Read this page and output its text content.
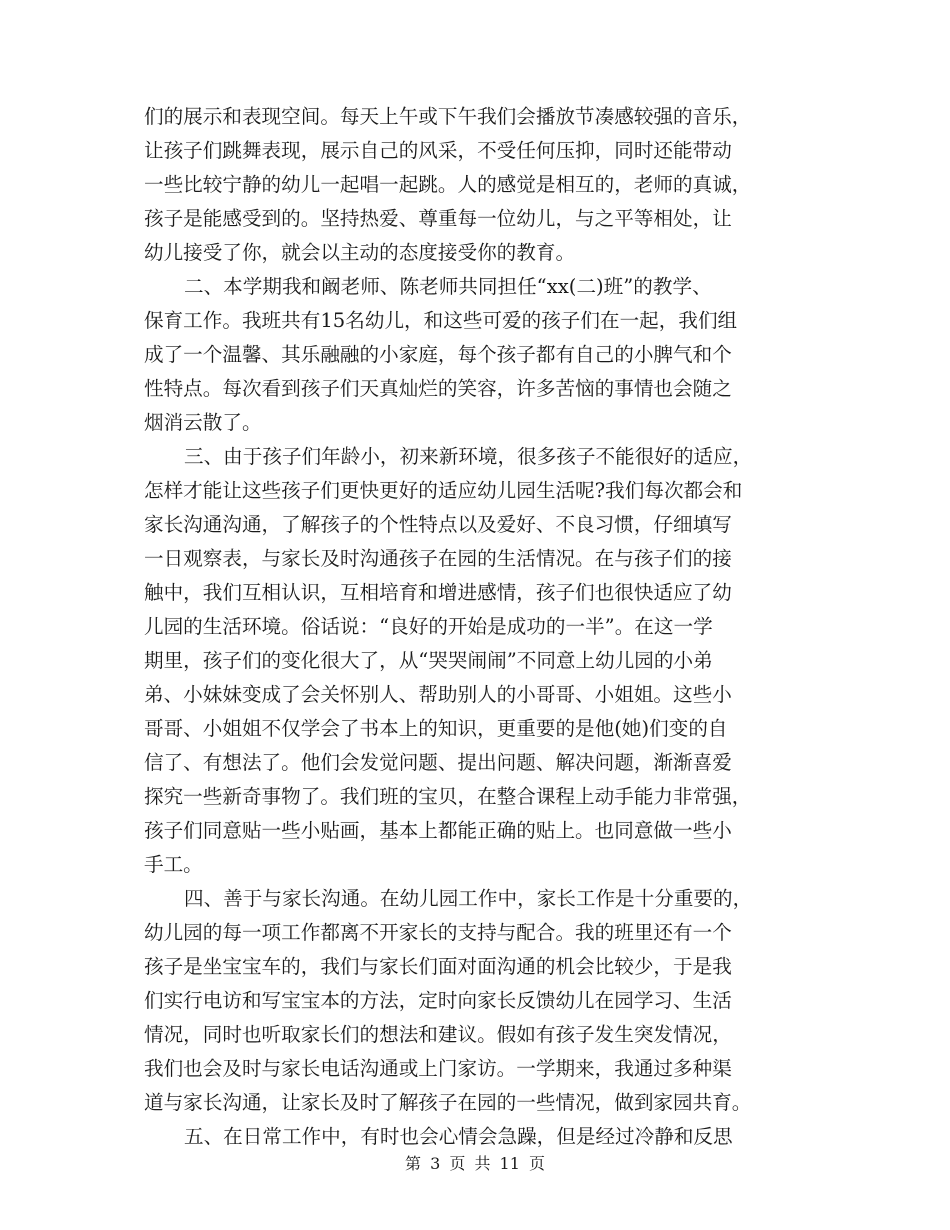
们的展示和表现空间。每天上午或下午我们会播放节凑感较强的音乐，
让孩子们跳舞表现，展示自己的风采，不受任何压抑，同时还能带动
一些比较宁静的幼儿一起唱一起跳。人的感觉是相互的，老师的真诚，
孩子是能感受到的。坚持热爱、尊重每一位幼儿，与之平等相处，让
幼儿接受了你，就会以主动的态度接受你的教育。
二、本学期我和阚老师、陈老师共同担任“xx(二)班”的教学、
保育工作。我班共有15名幼儿，和这些可爱的孩子们在一起，我们组
成了一个温馨、其乐融融的小家庭，每个孩子都有自己的小脾气和个
性特点。每次看到孩子们天真灿烂的笑容，许多苦恼的事情也会随之
烟消云散了。
三、由于孩子们年龄小，初来新环境，很多孩子不能很好的适应，
怎样才能让这些孩子们更快更好的适应幼儿园生活呢?我们每次都会和
家长沟通沟通，了解孩子的个性特点以及爱好、不良习惯，仔细填写
一日观察表，与家长及时沟通孩子在园的生活情况。在与孩子们的接
触中，我们互相认识，互相培育和增进感情，孩子们也很快适应了幼
儿园的生活环境。俗话说：“良好的开始是成功的一半”。在这一学
期里，孩子们的变化很大了，从“哭哭闹闹”不同意上幼儿园的小弟
弟、小妹妹变成了会关怀别人、帮助别人的小哥哥、小姐姐。这些小
哥哥、小姐姐不仅学会了书本上的知识，更重要的是他(她)们变的自
信了、有想法了。他们会发觉问题、提出问题、解决问题，渐渐喜爱
探究一些新奇事物了。我们班的宝贝，在整合课程上动手能力非常强，
孩子们同意贴一些小贴画，基本上都能正确的贴上。也同意做一些小
手工。
四、善于与家长沟通。在幼儿园工作中，家长工作是十分重要的，
幼儿园的每一项工作都离不开家长的支持与配合。我的班里还有一个
孩子是坐宝宝车的，我们与家长们面对面沟通的机会比较少，于是我
们实行电访和写宝宝本的方法，定时向家长反馈幼儿在园学习、生活
情况，同时也听取家长们的想法和建议。假如有孩子发生突发情况，
我们也会及时与家长电话沟通或上门家访。一学期来，我通过多种渠
道与家长沟通，让家长及时了解孩子在园的一些情况，做到家园共育。
五、在日常工作中，有时也会心情会急躁，但是经过冷静和反思
第 3 页 共 11 页
